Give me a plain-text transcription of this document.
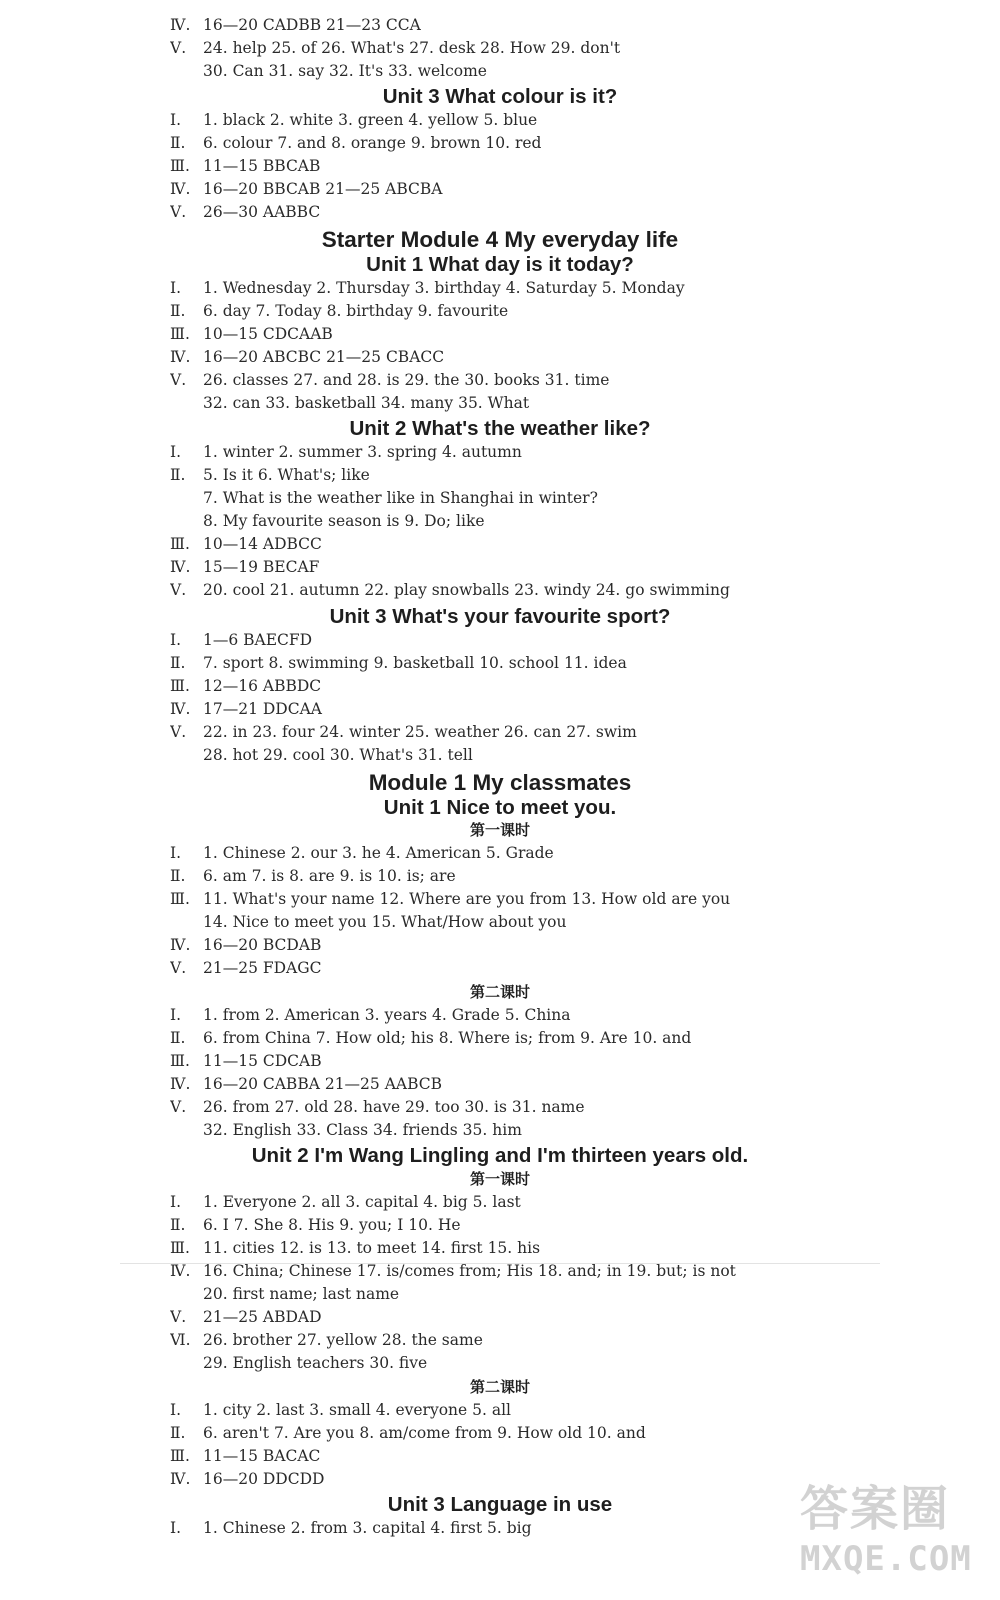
答案圈
MXQE.COM
Ⅳ. 16—20 CADBB 21—23 CCA
Ⅴ. 24. help 25. of 26. What's 27. desk 28. How 29. don't
30. Can 31. say 32. It's 33. welcome
Unit 3 What colour is it?
Ⅰ. 1. black 2. white 3. green 4. yellow 5. blue
Ⅱ. 6. colour 7. and 8. orange 9. brown 10. red
Ⅲ. 11—15 BBCAB
Ⅳ. 16—20 BBCAB 21—25 ABCBA
Ⅴ. 26—30 AABBC
Starter Module 4 My everyday life
Unit 1 What day is it today?
Ⅰ. 1. Wednesday 2. Thursday 3. birthday 4. Saturday 5. Monday
Ⅱ. 6. day 7. Today 8. birthday 9. favourite
Ⅲ. 10—15 CDCAAB
Ⅳ. 16—20 ABCBC 21—25 CBACC
Ⅴ. 26. classes 27. and 28. is 29. the 30. books 31. time
32. can 33. basketball 34. many 35. What
Unit 2 What's the weather like?
Ⅰ. 1. winter 2. summer 3. spring 4. autumn
Ⅱ. 5. Is it 6. What's; like
7. What is the weather like in Shanghai in winter?
8. My favourite season is 9. Do; like
Ⅲ. 10—14 ADBCC
Ⅳ. 15—19 BECAF
Ⅴ. 20. cool 21. autumn 22. play snowballs 23. windy 24. go swimming
Unit 3 What's your favourite sport?
Ⅰ. 1—6 BAECFD
Ⅱ. 7. sport 8. swimming 9. basketball 10. school 11. idea
Ⅲ. 12—16 ABBDC
Ⅳ. 17—21 DDCAA
Ⅴ. 22. in 23. four 24. winter 25. weather 26. can 27. swim
28. hot 29. cool 30. What's 31. tell
Module 1 My classmates
Unit 1 Nice to meet you.
第一课时
Ⅰ. 1. Chinese 2. our 3. he 4. American 5. Grade
Ⅱ. 6. am 7. is 8. are 9. is 10. is; are
Ⅲ. 11. What's your name 12. Where are you from 13. How old are you
14. Nice to meet you 15. What/How about you
Ⅳ. 16—20 BCDAB
Ⅴ. 21—25 FDAGC
第二课时
Ⅰ. 1. from 2. American 3. years 4. Grade 5. China
Ⅱ. 6. from China 7. How old; his 8. Where is; from 9. Are 10. and
Ⅲ. 11—15 CDCAB
Ⅳ. 16—20 CABBA 21—25 AABCB
Ⅴ. 26. from 27. old 28. have 29. too 30. is 31. name
32. English 33. Class 34. friends 35. him
Unit 2 I'm Wang Lingling and I'm thirteen years old.
第一课时
Ⅰ. 1. Everyone 2. all 3. capital 4. big 5. last
Ⅱ. 6. I 7. She 8. His 9. you; I 10. He
Ⅲ. 11. cities 12. is 13. to meet 14. first 15. his
Ⅳ. 16. China; Chinese 17. is/comes from; His 18. and; in 19. but; is not
20. first name; last name
Ⅴ. 21—25 ABDAD
Ⅵ. 26. brother 27. yellow 28. the same
29. English teachers 30. five
第二课时
Ⅰ. 1. city 2. last 3. small 4. everyone 5. all
Ⅱ. 6. aren't 7. Are you 8. am/come from 9. How old 10. and
Ⅲ. 11—15 BACAC
Ⅳ. 16—20 DDCDD
Unit 3 Language in use
Ⅰ. 1. Chinese 2. from 3. capital 4. first 5. big
